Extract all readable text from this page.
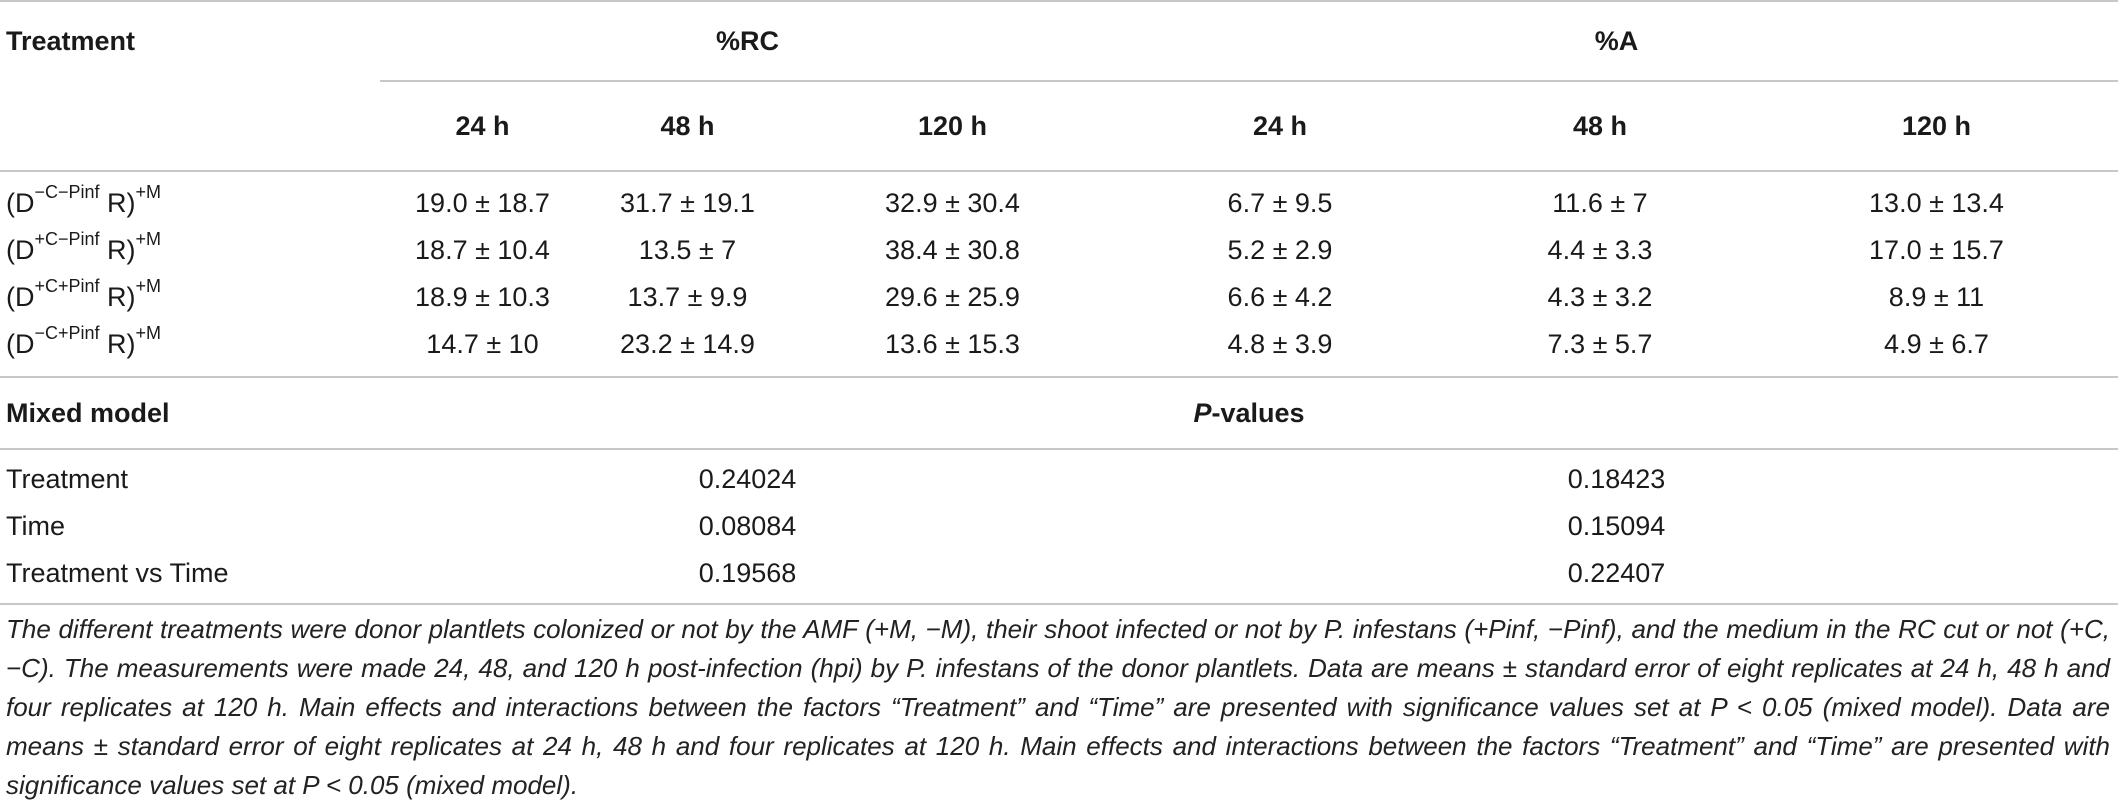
Treatment	%RC			%A		
	24 h	48 h	120 h	24 h	48 h	120 h
($D^{-C-Pinf}$ R)$^{+M}$	19.0 ± 18.7	31.7 ± 19.1	32.9 ± 30.4	6.7 ± 9.5	11.6 ± 7	13.0 ± 13.4
($D^{+C-Pinf}$ R)$^{+M}$	18.7 ± 10.4	13.5 ± 7	38.4 ± 30.8	5.2 ± 2.9	4.4 ± 3.3	17.0 ± 15.7
($D^{+C+Pinf}$ R)$^{+M}$	18.9 ± 10.3	13.7 ± 9.9	29.6 ± 25.9	6.6 ± 4.2	4.3 ± 3.2	8.9 ± 11
($D^{-C+Pinf}$ R)$^{+M}$	14.7 ± 10	23.2 ± 14.9	13.6 ± 15.3	4.8 ± 3.9	7.3 ± 5.7	4.9 ± 6.7
Mixed model	P-values					
Treatment	0.24024			0.18423		
Time	0.08084			0.15094		
Treatment vs Time	0.19568			0.22407		
The different treatments were donor plantlets colonized or not by the AMF (+M, −M), their shoot infected or not by P. infestans (+Pinf, −Pinf), and the medium in the RC cut or not (+C, −C). The measurements were made 24, 48, and 120 h post-infection (hpi) by P. infestans of the donor plantlets. Data are means ± standard error of eight replicates at 24 h, 48 h and four replicates at 120 h. Main effects and interactions between the factors “Treatment” and “Time” are presented with significance values set at P < 0.05 (mixed model). Data are means ± standard error of eight replicates at 24 h, 48 h and four replicates at 120 h. Main effects and interactions between the factors “Treatment” and “Time” are presented with significance values set at P < 0.05 (mixed model).
